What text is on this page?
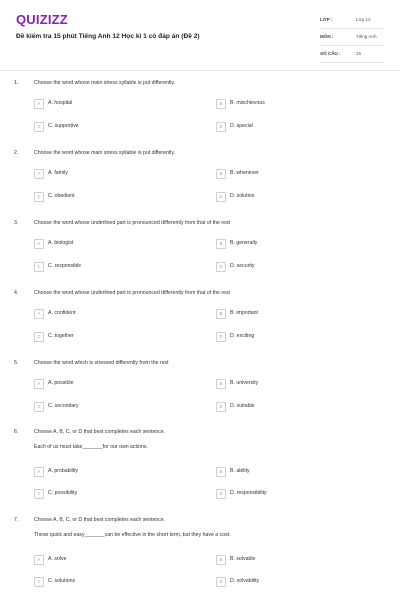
QUIZIZZ
Đề kiểm tra 15 phút Tiếng Anh 12 Học kì 1 có đáp án (Đề 2)
LỚP :	Lớp 12
MÔN :	Tiếng Anh
SỐ CÂU :	15
1.	Choose the word whose main stress syllable is put differently.
A	A. hospital	B	B. mischievous
C	C. supportive	D	D. special
2.	Choose the word whose main stress syllable is put differently.
A	A. family	B	B. whenever
C	C. obedient	D	D. solution
3.	Choose the word whose underlined part is pronounced differently from that of the rest
A	A. biologist	B	B. generally
C	C. responsible	D	D. security
4.	Choose the word whose underlined part is pronounced differently from that of the rest
A	A. confident	B	B. important
C	C. together	D	D. exciting
5.	Choose the word which is stressed differently from the rest
A	A. possible	B	B. university
C	C. secondary	D	D. suitable
6.	Choose A, B, C, or D that best completes each sentence.
Each of us must take_______for our own actions.
A	A. probability	B	B. ability
C	C. possibility	D	D. responsibility
7.	Choose A, B, C, or D that best completes each sentence.
These quick and easy_______can be effective in the short term, but they have a cost.
A	A. solve	B	B. solvable
C	C. solutions	D	D. solvability
